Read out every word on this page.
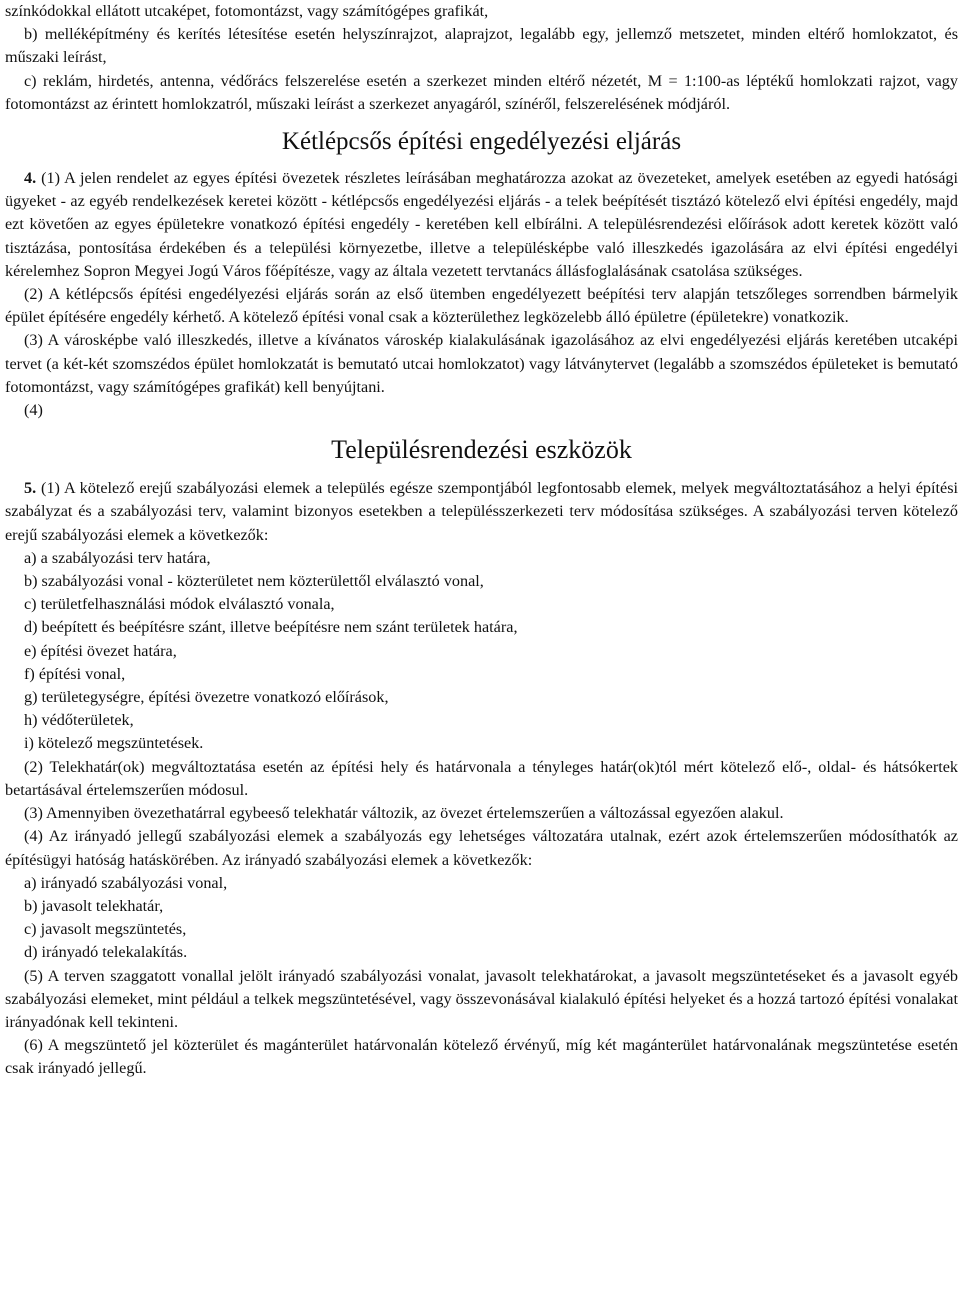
színkódokkal ellátott utcaképet, fotomontázst, vagy számítógépes grafikát,

b) melléképítmény és kerítés létesítése esetén helyszínrajzot, alaprajzot, legalább egy, jellemző metszetet, minden eltérő homlokzatot, és műszaki leírást,

c) reklám, hirdetés, antenna, védőrács felszerelése esetén a szerkezet minden eltérő nézetét, M = 1:100-as léptékű homlokzati rajzot, vagy fotomontázst az érintett homlokzatról, műszaki leírást a szerkezet anyagáról, színéről, felszerelésének módjáról.

Kétlépcsős építési engedélyezési eljárás

4. (1) A jelen rendelet az egyes építési övezetek részletes leírásában meghatározza azokat az övezeteket, amelyek esetében az egyedi hatósági ügyeket - az egyéb rendelkezések keretei között - kétlépcsős engedélyezési eljárás - a telek beépítését tisztázó kötelező elvi építési engedély, majd ezt követően az egyes épületekre vonatkozó építési engedély - keretében kell elbírálni. A településrendezési előírások adott keretek között való tisztázása, pontosítása érdekében és a települési környezetbe, illetve a településképbe való illeszkedés igazolására az elvi építési engedélyi kérelemhez Sopron Megyei Jogú Város főépítésze, vagy az általa vezetett tervtanács állásfoglalásának csatolása szükséges.

(2) A kétlépcsős építési engedélyezési eljárás során az első ütemben engedélyezett beépítési terv alapján tetszőleges sorrendben bármelyik épület építésére engedély kérhető. A kötelező építési vonal csak a közterülethez legközelebb álló épületre (épületekre) vonatkozik.

(3) A városképbe való illeszkedés, illetve a kívánatos városkép kialakulásának igazolásához az elvi engedélyezési eljárás keretében utcaképi tervet (a két-két szomszédos épület homlokzatát is bemutató utcai homlokzatot) vagy látványtervet (legalább a szomszédos épületeket is bemutató fotomontázst, vagy számítógépes grafikát) kell benyújtani.

(4)

Településrendezési eszközök

5. (1) A kötelező erejű szabályozási elemek a település egésze szempontjából legfontosabb elemek, melyek megváltoztatásához a helyi építési szabályzat és a szabályozási terv, valamint bizonyos esetekben a településszerkezeti terv módosítása szükséges. A szabályozási terven kötelező erejű szabályozási elemek a következők:

a) a szabályozási terv határa,

b) szabályozási vonal - közterületet nem közterülettől elválasztó vonal,

c) területfelhasználási módok elválasztó vonala,

d) beépített és beépítésre szánt, illetve beépítésre nem szánt területek határa,

e) építési övezet határa,

f) építési vonal,

g) területegységre, építési övezetre vonatkozó előírások,

h) védőterületek,

i) kötelező megszüntetések.

(2) Telekhatár(ok) megváltoztatása esetén az építési hely és határvonala a tényleges határ(ok)tól mért kötelező elő-, oldal- és hátsókertek betartásával értelemszerűen módosul.

(3) Amennyiben övezethatárral egybeeső telekhatár változik, az övezet értelemszerűen a változással egyezően alakul.

(4) Az irányadó jellegű szabályozási elemek a szabályozás egy lehetséges változatára utalnak, ezért azok értelemszerűen módosíthatók az építésügyi hatóság hatáskörében. Az irányadó szabályozási elemek a következők:

a) irányadó szabályozási vonal,

b) javasolt telekhatár,

c) javasolt megszüntetés,

d) irányadó telekalakítás.

(5) A terven szaggatott vonallal jelölt irányadó szabályozási vonalat, javasolt telekhatárokat, a javasolt megszüntetéseket és a javasolt egyéb szabályozási elemeket, mint például a telkek megszüntetésével, vagy összevonásával kialakuló építési helyeket és a hozzá tartozó építési vonalakat irányadónak kell tekinteni.

(6) A megszüntető jel közterület és magánterület határvonalán kötelező érvényű, míg két magánterület határvonalának megszüntetése esetén csak irányadó jellegű.
